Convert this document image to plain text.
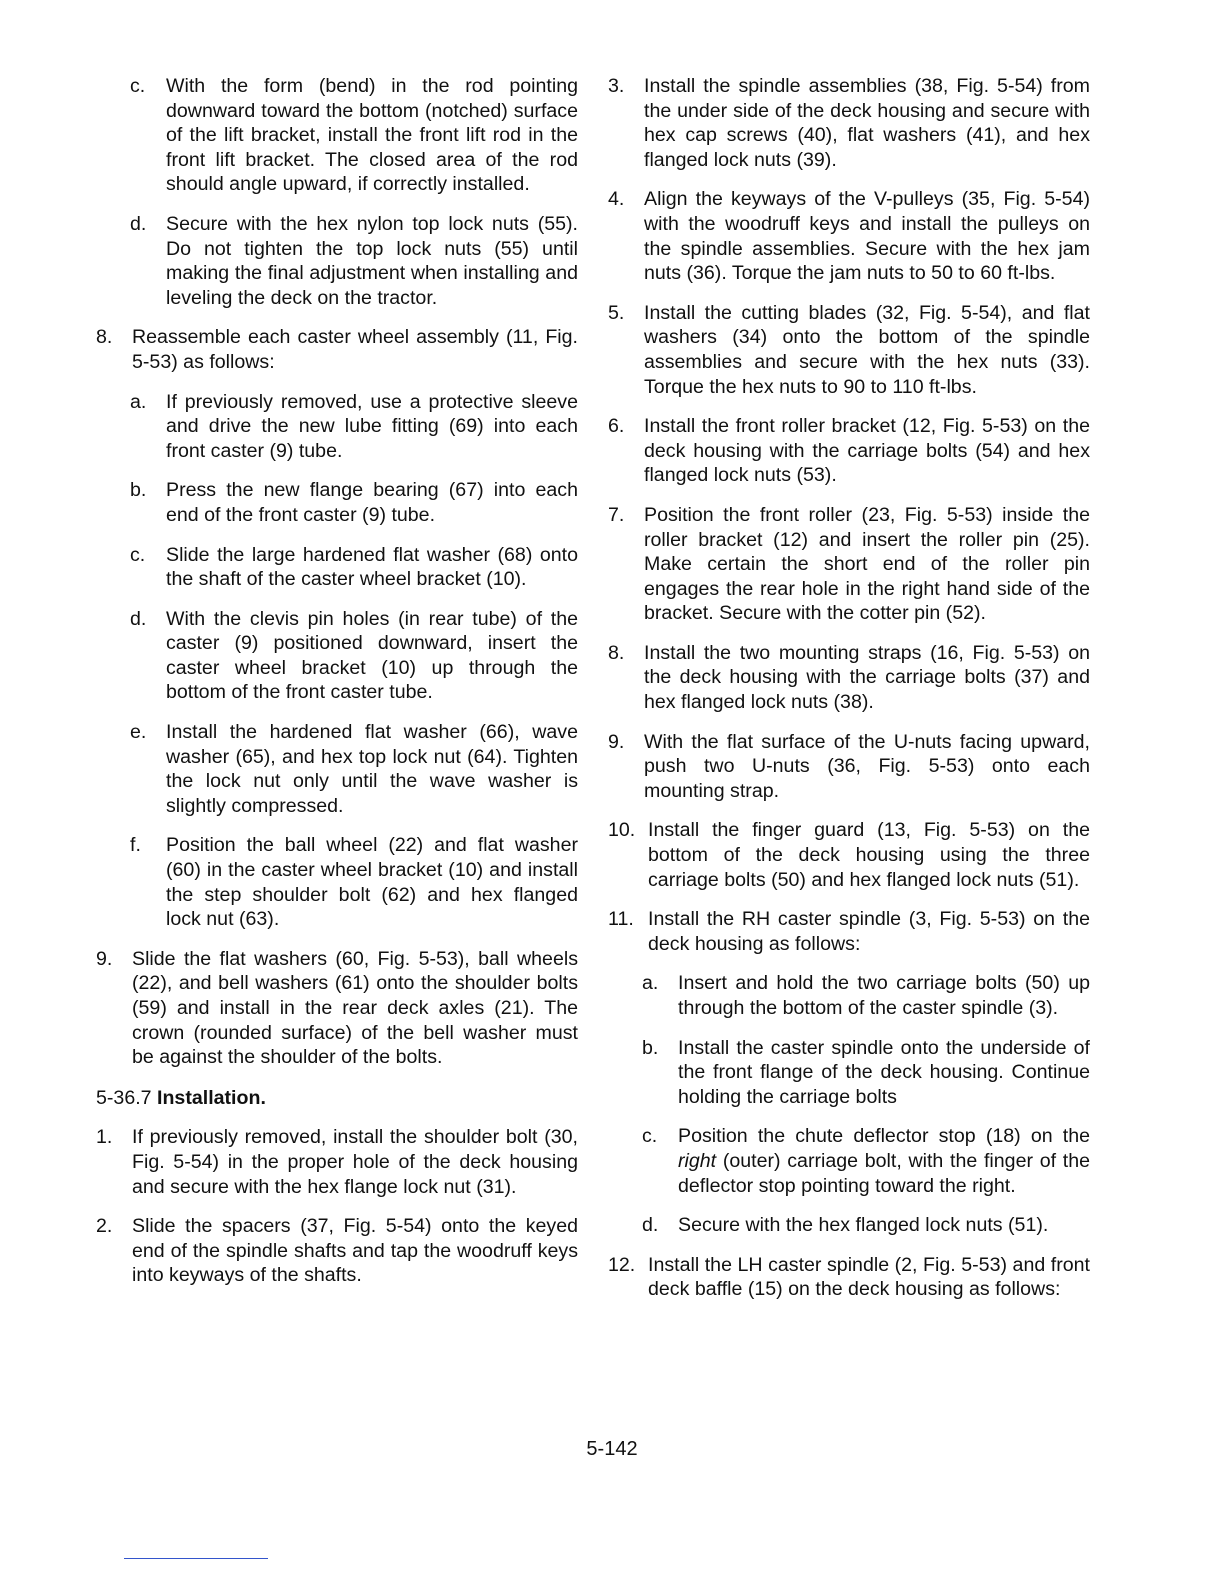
c.	With the form (bend) in the rod pointing downward toward the bottom (notched) surface of the lift bracket, install the front lift rod in the front lift bracket. The closed area of the rod should angle upward, if correctly installed.
d.	Secure with the hex nylon top lock nuts (55). Do not tighten the top lock nuts (55) until making the final adjustment when installing and leveling the deck on the tractor.
8.	Reassemble each caster wheel assembly (11, Fig. 5-53) as follows:
a.	If previously removed, use a protective sleeve and drive the new lube fitting (69) into each front caster (9) tube.
b.	Press the new flange bearing (67) into each end of the front caster (9) tube.
c.	Slide the large hardened flat washer (68) onto the shaft of the caster wheel bracket (10).
d.	With the clevis pin holes (in rear tube) of the caster (9) positioned downward, insert the caster wheel bracket (10) up through the bottom of the front caster tube.
e.	Install the hardened flat washer (66), wave washer (65), and hex top lock nut (64). Tighten the lock nut only until the wave washer is slightly compressed.
f.	Position the ball wheel (22) and flat washer (60) in the caster wheel bracket (10) and install the step shoulder bolt (62) and hex flanged lock nut (63).
9.	Slide the flat washers (60, Fig. 5-53), ball wheels (22), and bell washers (61) onto the shoulder bolts (59) and install in the rear deck axles (21). The crown (rounded surface) of the bell washer must be against the shoulder of the bolts.
5-36.7 Installation.
1.	If previously removed, install the shoulder bolt (30, Fig. 5-54) in the proper hole of the deck housing and secure with the hex flange lock nut (31).
2.	Slide the spacers (37, Fig. 5-54) onto the keyed end of the spindle shafts and tap the woodruff keys into keyways of the shafts.
3.	Install the spindle assemblies (38, Fig. 5-54) from the under side of the deck housing and secure with hex cap screws (40), flat washers (41), and hex flanged lock nuts (39).
4.	Align the keyways of the V-pulleys (35, Fig. 5-54) with the woodruff keys and install the pulleys on the spindle assemblies. Secure with the hex jam nuts (36). Torque the jam nuts to 50 to 60 ft-lbs.
5.	Install the cutting blades (32, Fig. 5-54), and flat washers (34) onto the bottom of the spindle assemblies and secure with the hex nuts (33). Torque the hex nuts to 90 to 110 ft-lbs.
6.	Install the front roller bracket (12, Fig. 5-53) on the deck housing with the carriage bolts (54) and hex flanged lock nuts (53).
7.	Position the front roller (23, Fig. 5-53) inside the roller bracket (12) and insert the roller pin (25). Make certain the short end of the roller pin engages the rear hole in the right hand side of the bracket. Secure with the cotter pin (52).
8.	Install the two mounting straps (16, Fig. 5-53) on the deck housing with the carriage bolts (37) and hex flanged lock nuts (38).
9.	With the flat surface of the U-nuts facing upward, push two U-nuts (36, Fig. 5-53) onto each mounting strap.
10. Install the finger guard (13, Fig. 5-53) on the bottom of the deck housing using the three carriage bolts (50) and hex flanged lock nuts (51).
11. Install the RH caster spindle (3, Fig. 5-53) on the deck housing as follows:
a.	Insert and hold the two carriage bolts (50) up through the bottom of the caster spindle (3).
b.	Install the caster spindle onto the underside of the front flange of the deck housing. Continue holding the carriage bolts
c.	Position the chute deflector stop (18) on the right (outer) carriage bolt, with the finger of the deflector stop pointing toward the right.
d.	Secure with the hex flanged lock nuts (51).
12. Install the LH caster spindle (2, Fig. 5-53) and front deck baffle (15) on the deck housing as follows:
5-142
